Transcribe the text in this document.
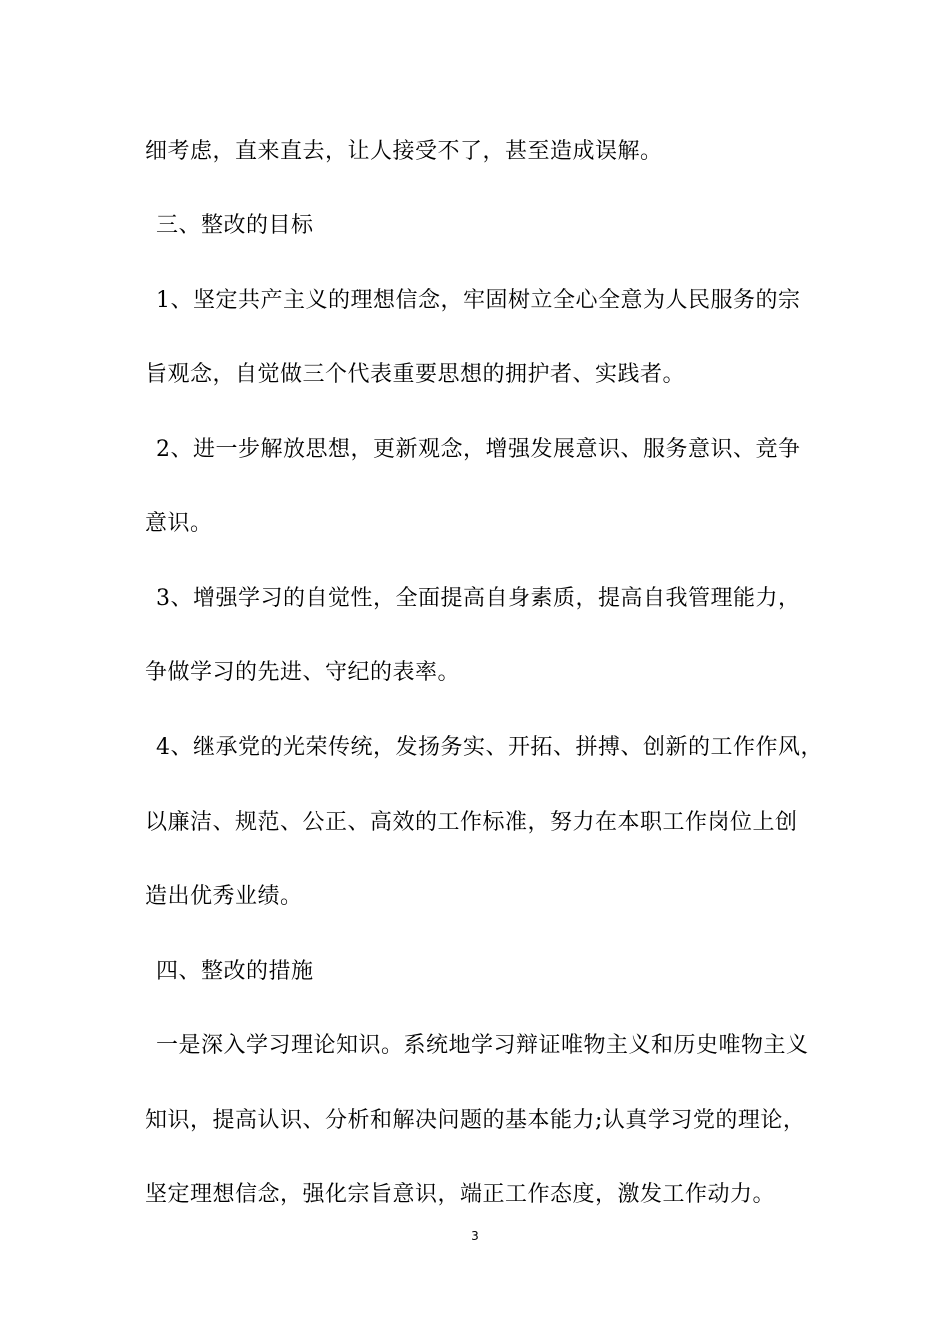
细考虑，直来直去，让人接受不了，甚至造成误解。
三、整改的目标
1、坚定共产主义的理想信念，牢固树立全心全意为人民服务的宗
旨观念，自觉做三个代表重要思想的拥护者、实践者。
2、进一步解放思想，更新观念，增强发展意识、服务意识、竞争
意识。
3、增强学习的自觉性，全面提高自身素质，提高自我管理能力，
争做学习的先进、守纪的表率。
4、继承党的光荣传统，发扬务实、开拓、拼搏、创新的工作作风，
以廉洁、规范、公正、高效的工作标准，努力在本职工作岗位上创
造出优秀业绩。
四、整改的措施
一是深入学习理论知识。系统地学习辩证唯物主义和历史唯物主义
知识，提高认识、分析和解决问题的基本能力;认真学习党的理论，
坚定理想信念，强化宗旨意识，端正工作态度，激发工作动力。
3
